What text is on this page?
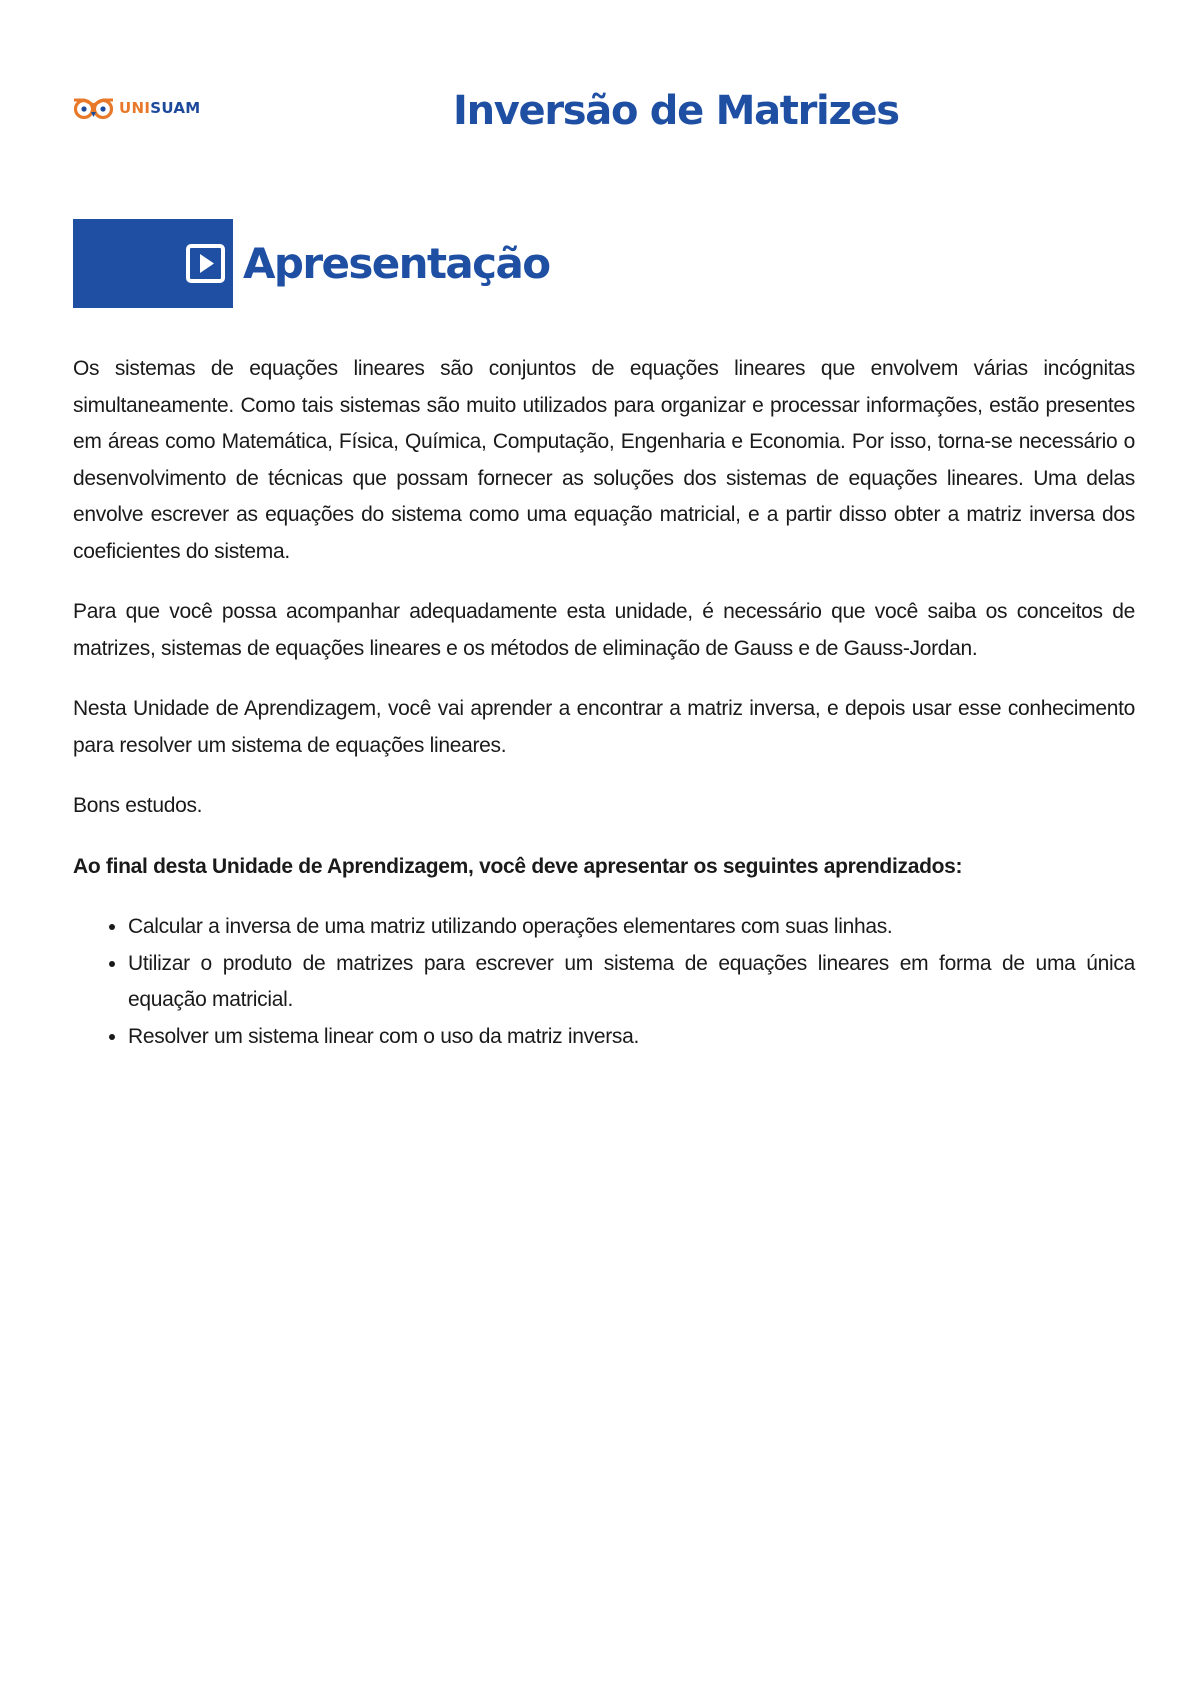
UNISUAM	Inversão de Matrizes
Apresentação

Os sistemas de equações lineares são conjuntos de equações lineares que envolvem várias incógnitas simultaneamente. Como tais sistemas são muito utilizados para organizar e processar informações, estão presentes em áreas como Matemática, Física, Química, Computação, Engenharia e Economia. Por isso, torna-se necessário o desenvolvimento de técnicas que possam fornecer as soluções dos sistemas de equações lineares. Uma delas envolve escrever as equações do sistema como uma equação matricial, e a partir disso obter a matriz inversa dos coeficientes do sistema.

Para que você possa acompanhar adequadamente esta unidade, é necessário que você saiba os conceitos de matrizes, sistemas de equações lineares e os métodos de eliminação de Gauss e de Gauss-Jordan.

Nesta Unidade de Aprendizagem, você vai aprender a encontrar a matriz inversa, e depois usar esse conhecimento para resolver um sistema de equações lineares.

Bons estudos.

Ao final desta Unidade de Aprendizagem, você deve apresentar os seguintes aprendizados:

• Calcular a inversa de uma matriz utilizando operações elementares com suas linhas.
• Utilizar o produto de matrizes para escrever um sistema de equações lineares em forma de uma única equação matricial.
• Resolver um sistema linear com o uso da matriz inversa.
